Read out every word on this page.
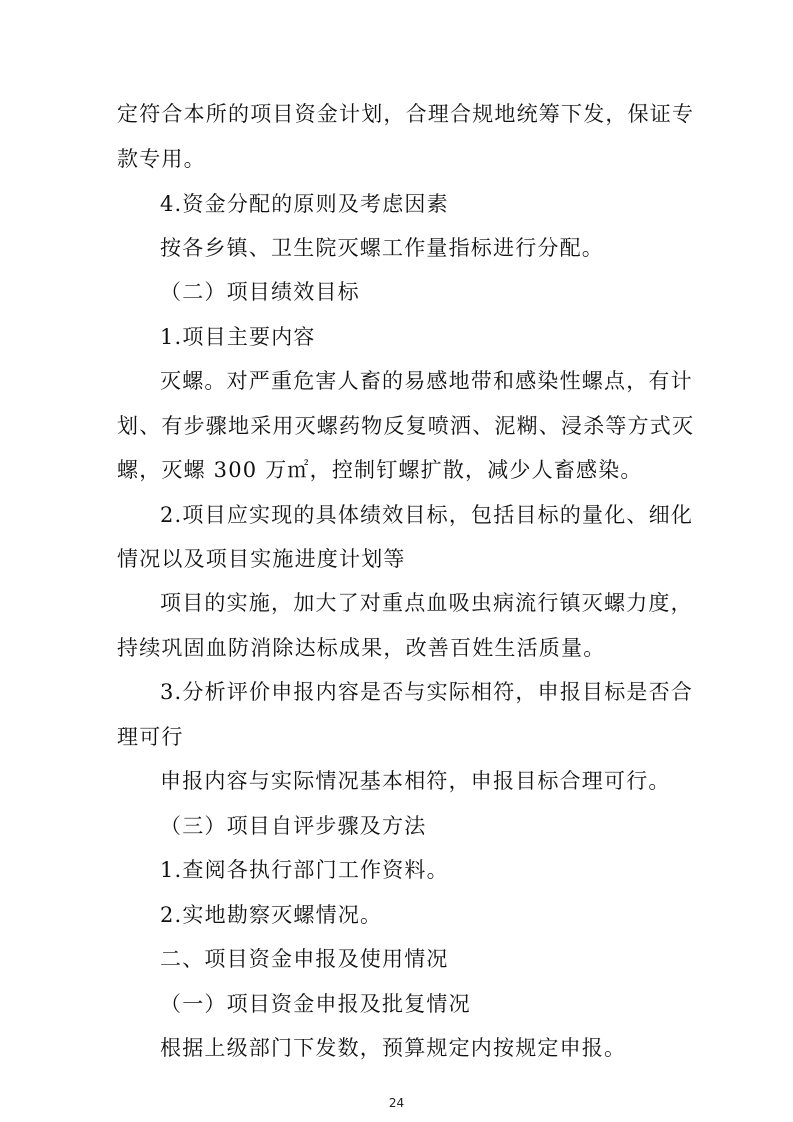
定符合本所的项目资金计划，合理合规地统筹下发，保证专
款专用。
4.资金分配的原则及考虑因素
按各乡镇、卫生院灭螺工作量指标进行分配。
（二）项目绩效目标
1.项目主要内容
灭螺。对严重危害人畜的易感地带和感染性螺点，有计
划、有步骤地采用灭螺药物反复喷洒、泥糊、浸杀等方式灭
螺，灭螺 300 万㎡，控制钉螺扩散，减少人畜感染。
2.项目应实现的具体绩效目标，包括目标的量化、细化
情况以及项目实施进度计划等
项目的实施，加大了对重点血吸虫病流行镇灭螺力度，
持续巩固血防消除达标成果，改善百姓生活质量。
3.分析评价申报内容是否与实际相符，申报目标是否合
理可行
申报内容与实际情况基本相符，申报目标合理可行。
（三）项目自评步骤及方法
1.查阅各执行部门工作资料。
2.实地勘察灭螺情况。
二、项目资金申报及使用情况
（一）项目资金申报及批复情况
根据上级部门下发数，预算规定内按规定申报。
24
